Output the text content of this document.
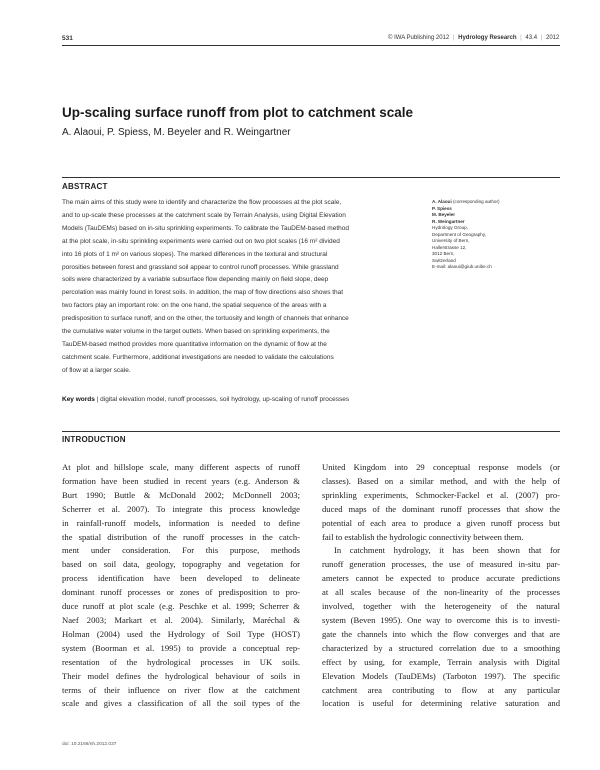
531	© IWA Publishing 2012 | Hydrology Research | 43.4 | 2012
Up-scaling surface runoff from plot to catchment scale
A. Alaoui, P. Spiess, M. Beyeler and R. Weingartner
ABSTRACT

The main aims of this study were to identify and characterize the flow processes at the plot scale,

and to up-scale these processes at the catchment scale by Terrain Analysis, using Digital Elevation

Models (TauDEMs) based on in-situ sprinkling experiments. To calibrate the TauDEM-based method

at the plot scale, in-situ sprinkling experiments were carried out on two plot scales (16 m² divided

into 16 plots of 1 m² on various slopes). The marked differences in the textural and structural

porosities between forest and grassland soil appear to control runoff processes. While grassland

soils were characterized by a variable subsurface flow depending mainly on field slope, deep

percolation was mainly found in forest soils. In addition, the map of flow directions also shows that

two factors play an important role: on the one hand, the spatial sequence of the areas with a

predisposition to surface runoff, and on the other, the tortuosity and length of channels that enhance

the cumulative water volume in the target outlets. When based on sprinkling experiments, the

TauDEM-based method provides more quantitative information on the dynamic of flow at the

catchment scale. Furthermore, additional investigations are needed to validate the calculations

of flow at a larger scale.

A. Alaoui (corresponding author)
P. Spiess
M. Beyeler
R. Weingartner
Hydrology Group,
Department of Geography,
University of Bern,
Hallerstrasse 12,
3012 Bern,
Switzerland
E-mail: alaoui@giub.unibe.ch
Key words | digital elevation model, runoff processes, soil hydrology, up-scaling of runoff processes
INTRODUCTION
At plot and hillslope scale, many different aspects of runoff
formation have been studied in recent years (e.g. Anderson &
Burt 1990; Buttle & McDonald 2002; McDonnell 2003;
Scherrer et al. 2007). To integrate this process knowledge
in rainfall-runoff models, information is needed to define
the spatial distribution of the runoff processes in the catch-
ment under consideration. For this purpose, methods
based on soil data, geology, topography and vegetation for
process identification have been developed to delineate
dominant runoff processes or zones of predisposition to pro-
duce runoff at plot scale (e.g. Peschke et al. 1999; Scherrer &
Naef 2003; Markart et al. 2004). Similarly, Maréchal &
Holman (2004) used the Hydrology of Soil Type (HOST)
system (Boorman et al. 1995) to provide a conceptual rep-
resentation of the hydrological processes in UK soils.
Their model defines the hydrological behaviour of soils in
terms of their influence on river flow at the catchment
scale and gives a classification of all the soil types of the
United Kingdom into 29 conceptual response models (or
classes). Based on a similar method, and with the help of
sprinkling experiments, Schmocker-Fackel et al. (2007) pro-
duced maps of the dominant runoff processes that show the
potential of each area to produce a given runoff process but
fail to establish the hydrologic connectivity between them.
In catchment hydrology, it has been shown that for
runoff generation processes, the use of measured in-situ par-
ameters cannot be expected to produce accurate predictions
at all scales because of the non-linearity of the processes
involved, together with the heterogeneity of the natural
system (Beven 1995). One way to overcome this is to investi-
gate the channels into which the flow converges and that are
characterized by a structured correlation due to a smoothing
effect by using, for example, Terrain analysis with Digital
Elevation Models (TauDEMs) (Tarboton 1997). The specific
catchment area contributing to flow at any particular
location is useful for determining relative saturation and
doi: 10.2166/nh.2012.037
